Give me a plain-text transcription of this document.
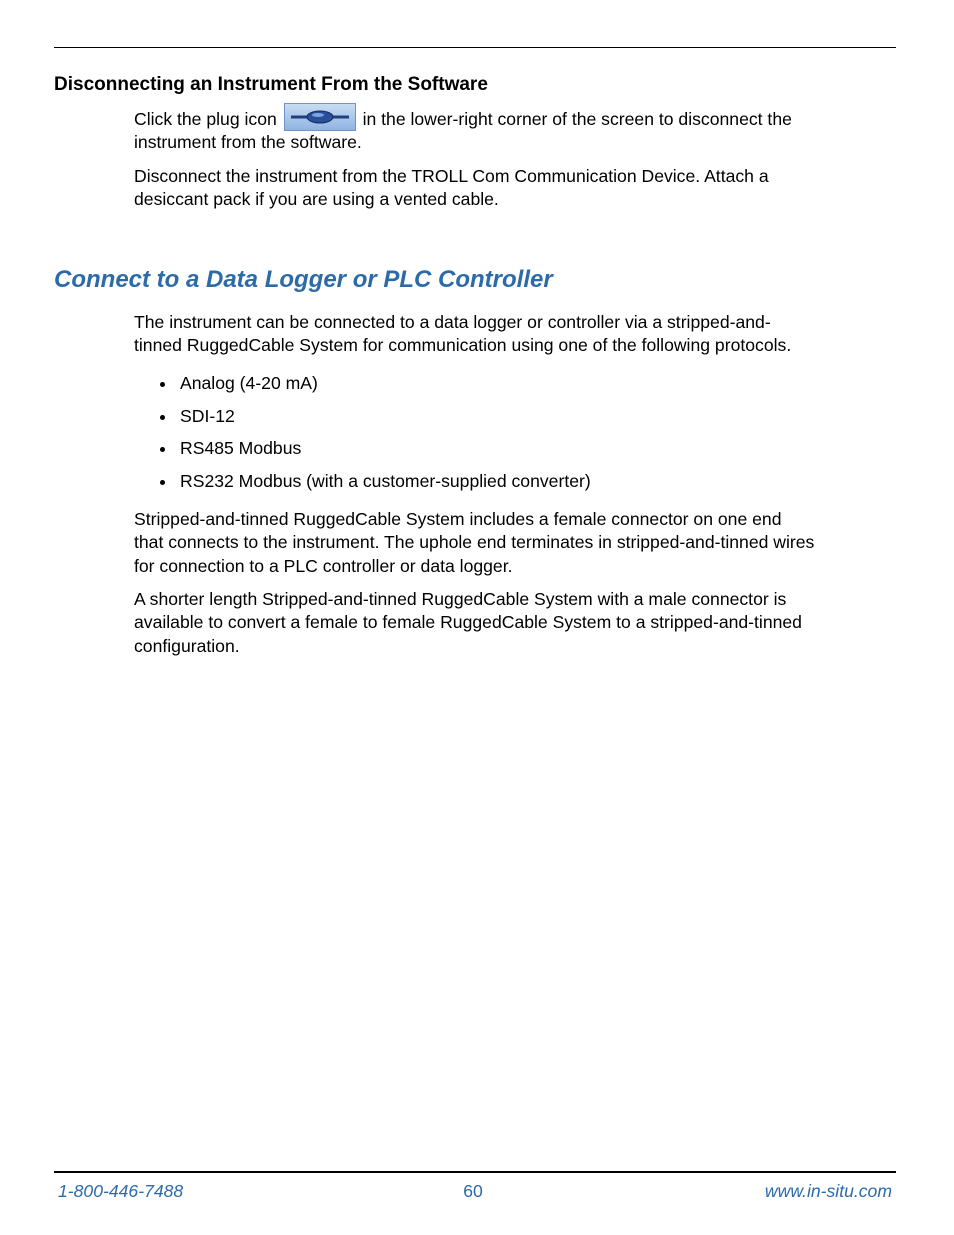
Disconnecting an Instrument From the Software

Click the plug icon	in the lower-right corner of the screen to disconnect the
instrument from the software.

Disconnect the instrument from the TROLL Com Communication Device. Attach a
desiccant pack if you are using a vented cable.

Connect to a Data Logger or PLC Controller

The instrument can be connected to a data logger or controller via a stripped-and-
tinned RuggedCable System for communication using one of the following protocols.

Analog (4-20 mA)
SDI-12
RS485 Modbus
RS232 Modbus (with a customer-supplied converter)

Stripped-and-tinned RuggedCable System includes a female connector on one end
that connects to the instrument. The uphole end terminates in stripped-and-tinned wires
for connection to a PLC controller or data logger.

A shorter length Stripped-and-tinned RuggedCable System with a male connector is
available to convert a female to female RuggedCable System to a stripped-and-tinned
configuration.

1-800-446-7488	60	www.in-situ.com
